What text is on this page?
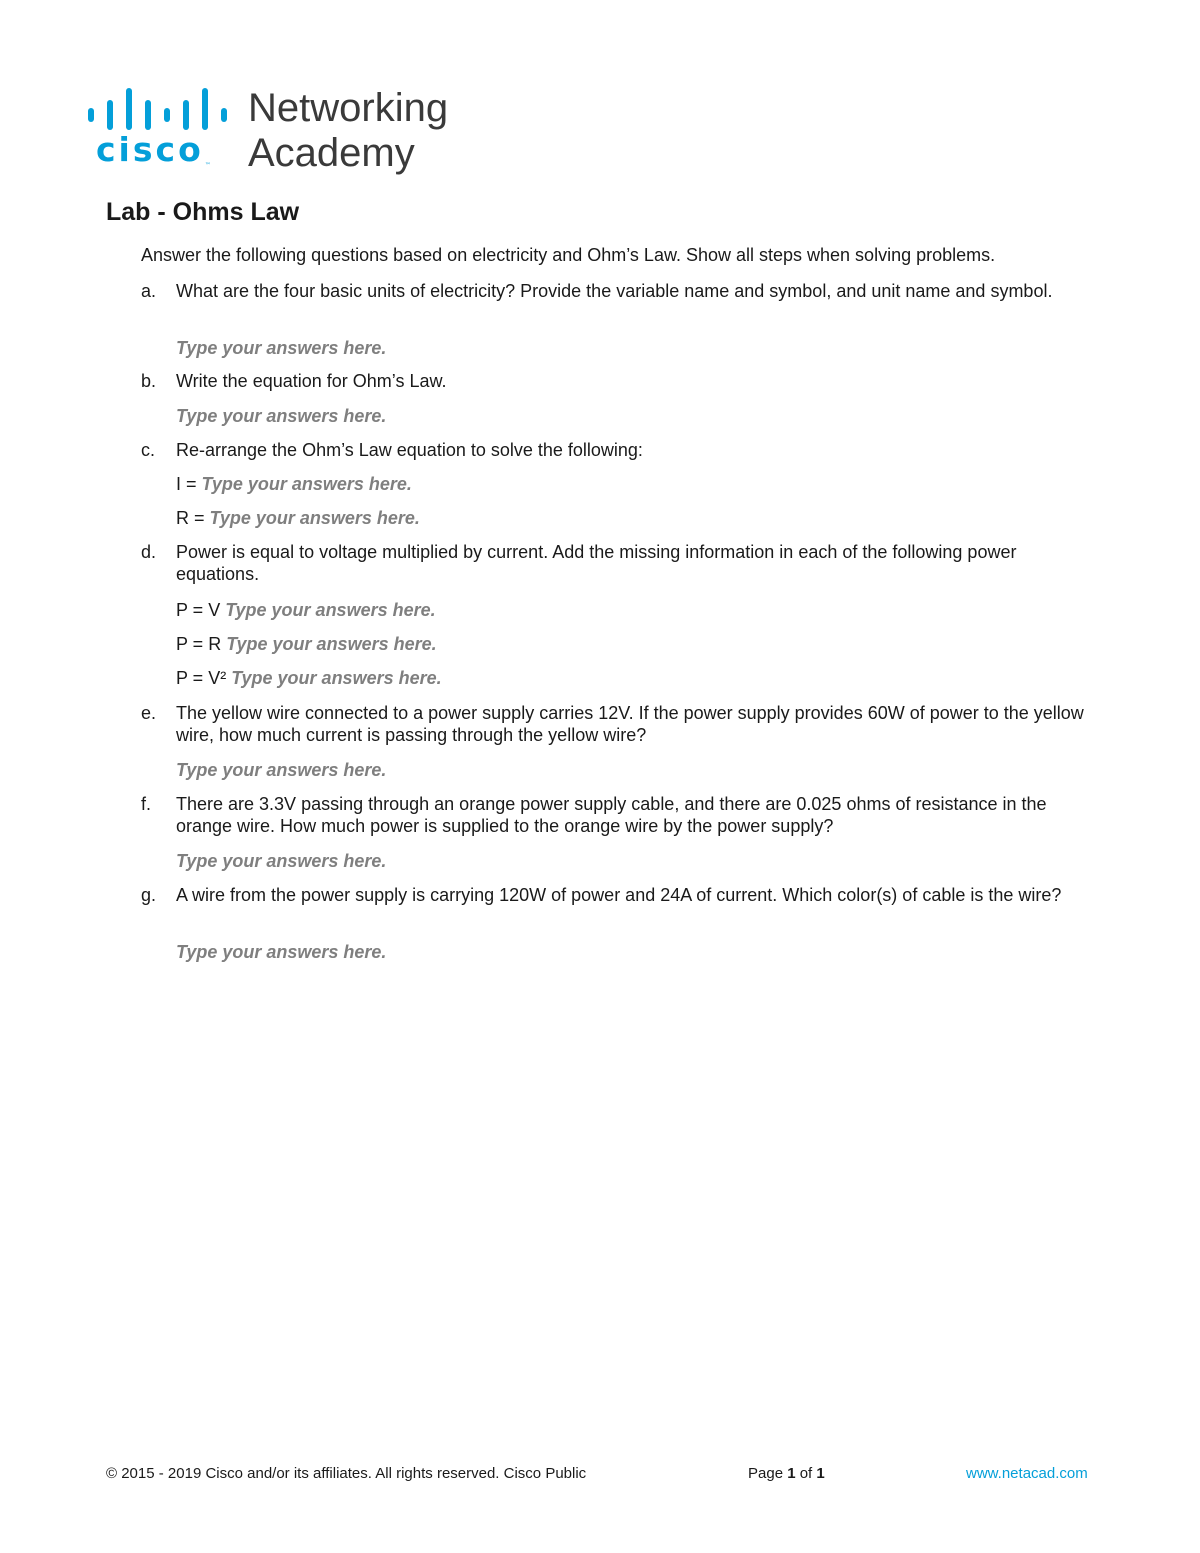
cisco™
Networking
Academy
Lab - Ohms Law

Answer the following questions based on electricity and Ohm’s Law. Show all steps when solving problems.

a.	What are the four basic units of electricity? Provide the variable name and symbol, and unit name and symbol.

Type your answers here.
b.	Write the equation for Ohm’s Law.

Type your answers here.
c.	Re-arrange the Ohm’s Law equation to solve the following:

I = Type your answers here.
R = Type your answers here.
d.	Power is equal to voltage multiplied by current. Add the missing information in each of the following power equations.

P = V Type your answers here.
P = R Type your answers here.
P = V² Type your answers here.
e.	The yellow wire connected to a power supply carries 12V. If the power supply provides 60W of power to the yellow wire, how much current is passing through the yellow wire?

Type your answers here.
f.	There are 3.3V passing through an orange power supply cable, and there are 0.025 ohms of resistance in the orange wire. How much power is supplied to the orange wire by the power supply?

Type your answers here.
g.	A wire from the power supply is carrying 120W of power and 24A of current. Which color(s) of cable is the wire?

Type your answers here.
© 2015 - 2019 Cisco and/or its affiliates. All rights reserved. Cisco Public	Page 1 of 1	www.netacad.com
